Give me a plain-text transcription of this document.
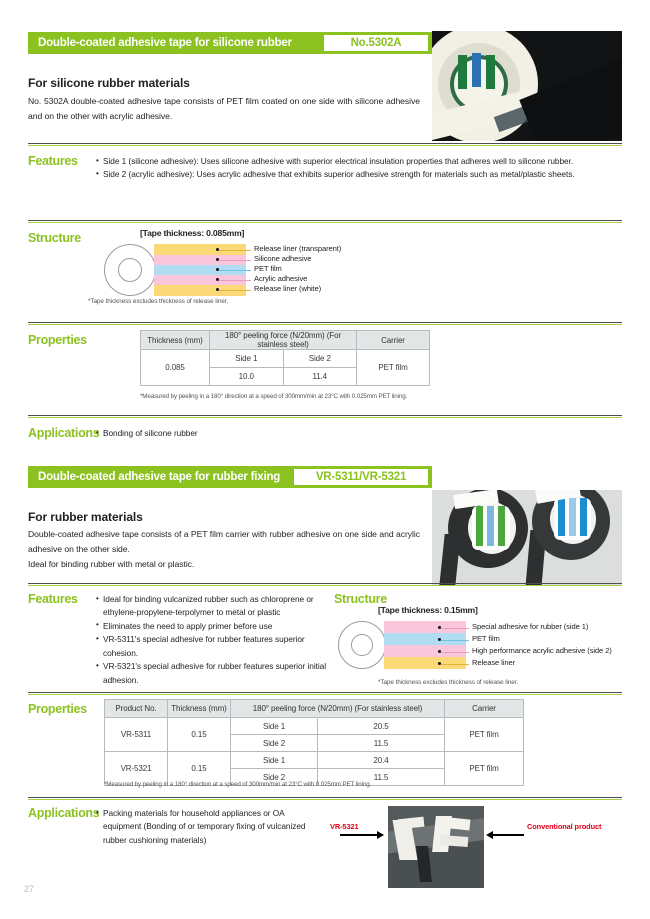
Double-coated adhesive tape for silicone rubber	No.5302A
For silicone rubber materials
No. 5302A double-coated adhesive tape consists of PET film coated on one side with silicone adhesive and on the other with acrylic adhesive.
Features	• Side 1 (silicone adhesive): Uses silicone adhesive with superior electrical insulation properties that adheres well to silicone rubber.
• Side 2 (acrylic adhesive): Uses acrylic adhesive that exhibits superior adhesive strength for materials such as metal/plastic sheets.
Structure	[Tape thickness: 0.085mm]
Release liner (transparent)
Silicone adhesive
PET film
Acrylic adhesive
Release liner (white)
*Tape thickness excludes thickness of release liner.
Properties	Thickness (mm)	180° peeling force (N/20mm) (For stainless steel)		Carrier
0.085	Side 1	Side 2	PET film
	10.0	11.4	
*Measured by peeling in a 180° direction at a speed of 300mm/min at 23°C with 0.025mm PET lining.
Applications • Bonding of silicone rubber
Double-coated adhesive tape for rubber fixing	VR-5311/VR-5321
For rubber materials
Double-coated adhesive tape consists of a PET film carrier with rubber adhesive on one side and acrylic adhesive on the other side.
Ideal for binding rubber with metal or plastic.
Features	• Ideal for binding vulcanized rubber such as chloroprene or ethylene-propylene-terpolymer to metal or plastic
• Eliminates the need to apply primer before use
• VR-5311's special adhesive for rubber features superior cohesion.
• VR-5321's special adhesive for rubber features superior initial adhesion.
Structure
[Tape thickness: 0.15mm]
Special adhesive for rubber (side 1)
PET film
High performance acrylic adhesive (side 2)
Release liner
*Tape thickness excludes thickness of release liner.
Properties	Product No.	Thickness (mm)	180° peeling force (N/20mm) (For stainless steel)		Carrier
VR-5311	0.15	Side 1	20.5	PET film
		Side 2	11.5	
VR-5321	0.15	Side 1	20.4	PET film
		Side 2	11.5	
*Measured by peeling in a 180° direction at a speed of 300mm/min at 23°C with 0.025mm PET lining.
Applications • Packing materials for household appliances or OA equipment (Bonding of or temporary fixing of vulcanized rubber cushioning materials)
VR-5321	Conventional product
27
